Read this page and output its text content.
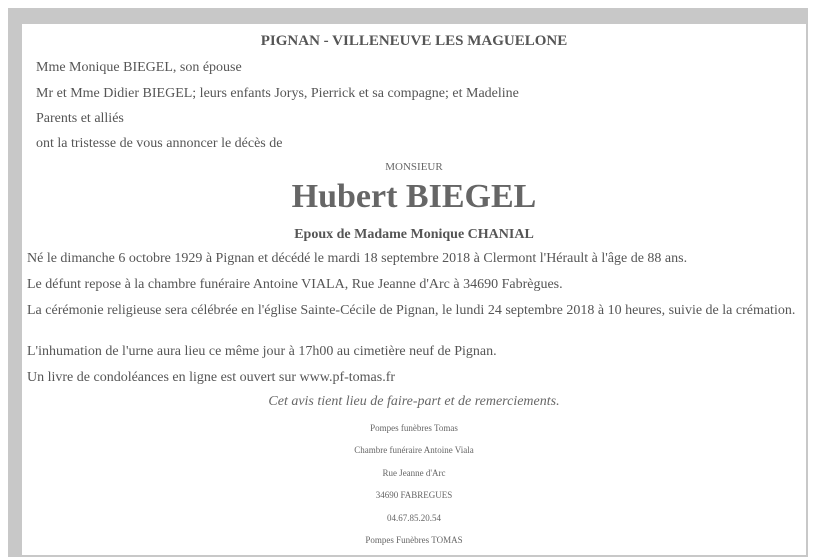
PIGNAN - VILLENEUVE LES MAGUELONE
Mme Monique BIEGEL, son épouse
Mr et Mme Didier BIEGEL; leurs enfants Jorys, Pierrick et sa compagne; et Madeline
Parents et alliés
ont la tristesse de vous annoncer le décès de
MONSIEUR
Hubert BIEGEL
Epoux de Madame Monique CHANIAL
Né le dimanche 6 octobre 1929 à Pignan et décédé le mardi 18 septembre 2018 à Clermont l'Hérault à l'âge de 88 ans.
Le défunt repose à la chambre funéraire Antoine VIALA, Rue Jeanne d'Arc à 34690 Fabrègues.
La cérémonie religieuse sera célébrée en l'église Sainte-Cécile de Pignan, le lundi 24 septembre 2018 à 10 heures, suivie de la crémation.
L'inhumation de l'urne aura lieu ce même jour à 17h00 au cimetière neuf de Pignan.
Un livre de condoléances en ligne est ouvert sur www.pf-tomas.fr
Cet avis tient lieu de faire-part et de remerciements.
Pompes funèbres Tomas
Chambre funéraire Antoine Viala
Rue Jeanne d'Arc
34690 FABREGUES
04.67.85.20.54
Pompes Funèbres TOMAS
